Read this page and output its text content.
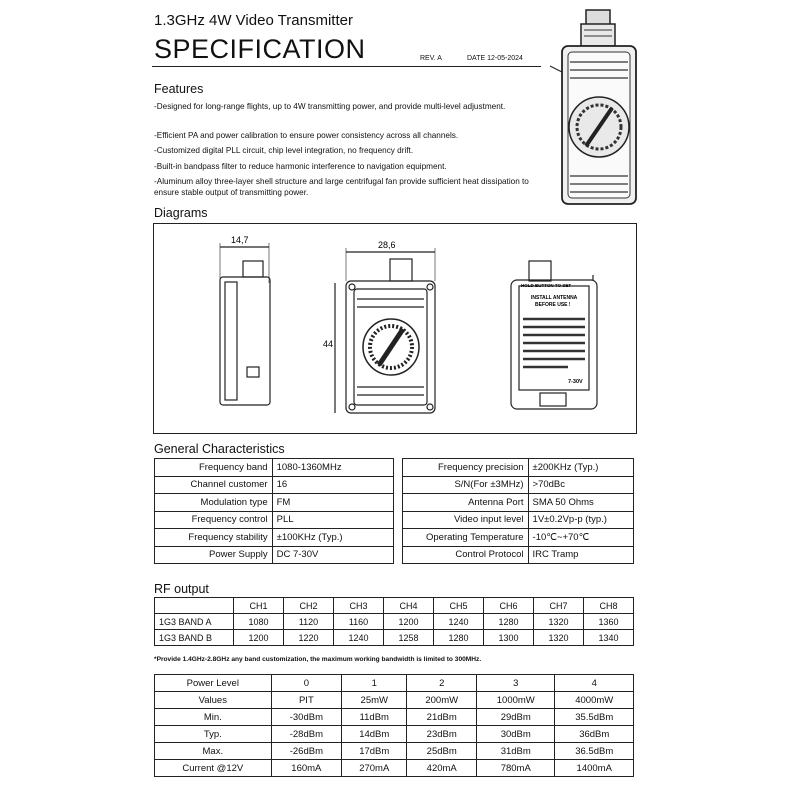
1.3GHz 4W Video Transmitter
SPECIFICATION	REV. A	DATE 12-05-2024
Features
-Designed for long-range flights, up to 4W transmitting power, and provide multi-level adjustment.
-Efficient PA and power calibration to ensure power consistency across all channels.
-Customized digital PLL circuit, chip level integration, no frequency drift.
-Built-in bandpass filter to reduce harmonic interference to navigation equipment.
-Aluminum alloy three-layer shell structure and large centrifugal fan provide sufficient heat dissipation to ensure stable output of transmitting power.
Diagrams
14,7	28,6
44
HOLD BUTTON TO SET
INSTALL ANTENNA
BEFORE USE !
7-30V
General Characteristics
Frequency band	1080-1360MHz
Channel customer	16
Modulation type	FM
Frequency control	PLL
Frequency stability	±100KHz (Typ.)
Power Supply	DC 7-30V
Frequency precision	±200KHz (Typ.)
S/N(For ±3MHz)	>70dBc
Antenna Port	SMA 50 Ohms
Video input level	1V±0.2Vp-p (typ.)
Operating Temperature	-10℃~+70℃
Control Protocol	IRC Tramp
RF output
	CH1	CH2	CH3	CH4	CH5	CH6	CH7	CH8
1G3 BAND A	1080	1120	1160	1200	1240	1280	1320	1360
1G3 BAND B	1200	1220	1240	1258	1280	1300	1320	1340
*Provide 1.4GHz-2.8GHz any band customization, the maximum working bandwidth is limited to 300MHz.
Power Level	0	1	2	3	4
Values	PIT	25mW	200mW	1000mW	4000mW
Min.	-30dBm	11dBm	21dBm	29dBm	35.5dBm
Typ.	-28dBm	14dBm	23dBm	30dBm	36dBm
Max.	-26dBm	17dBm	25dBm	31dBm	36.5dBm
Current @12V	160mA	270mA	420mA	780mA	1400mA
